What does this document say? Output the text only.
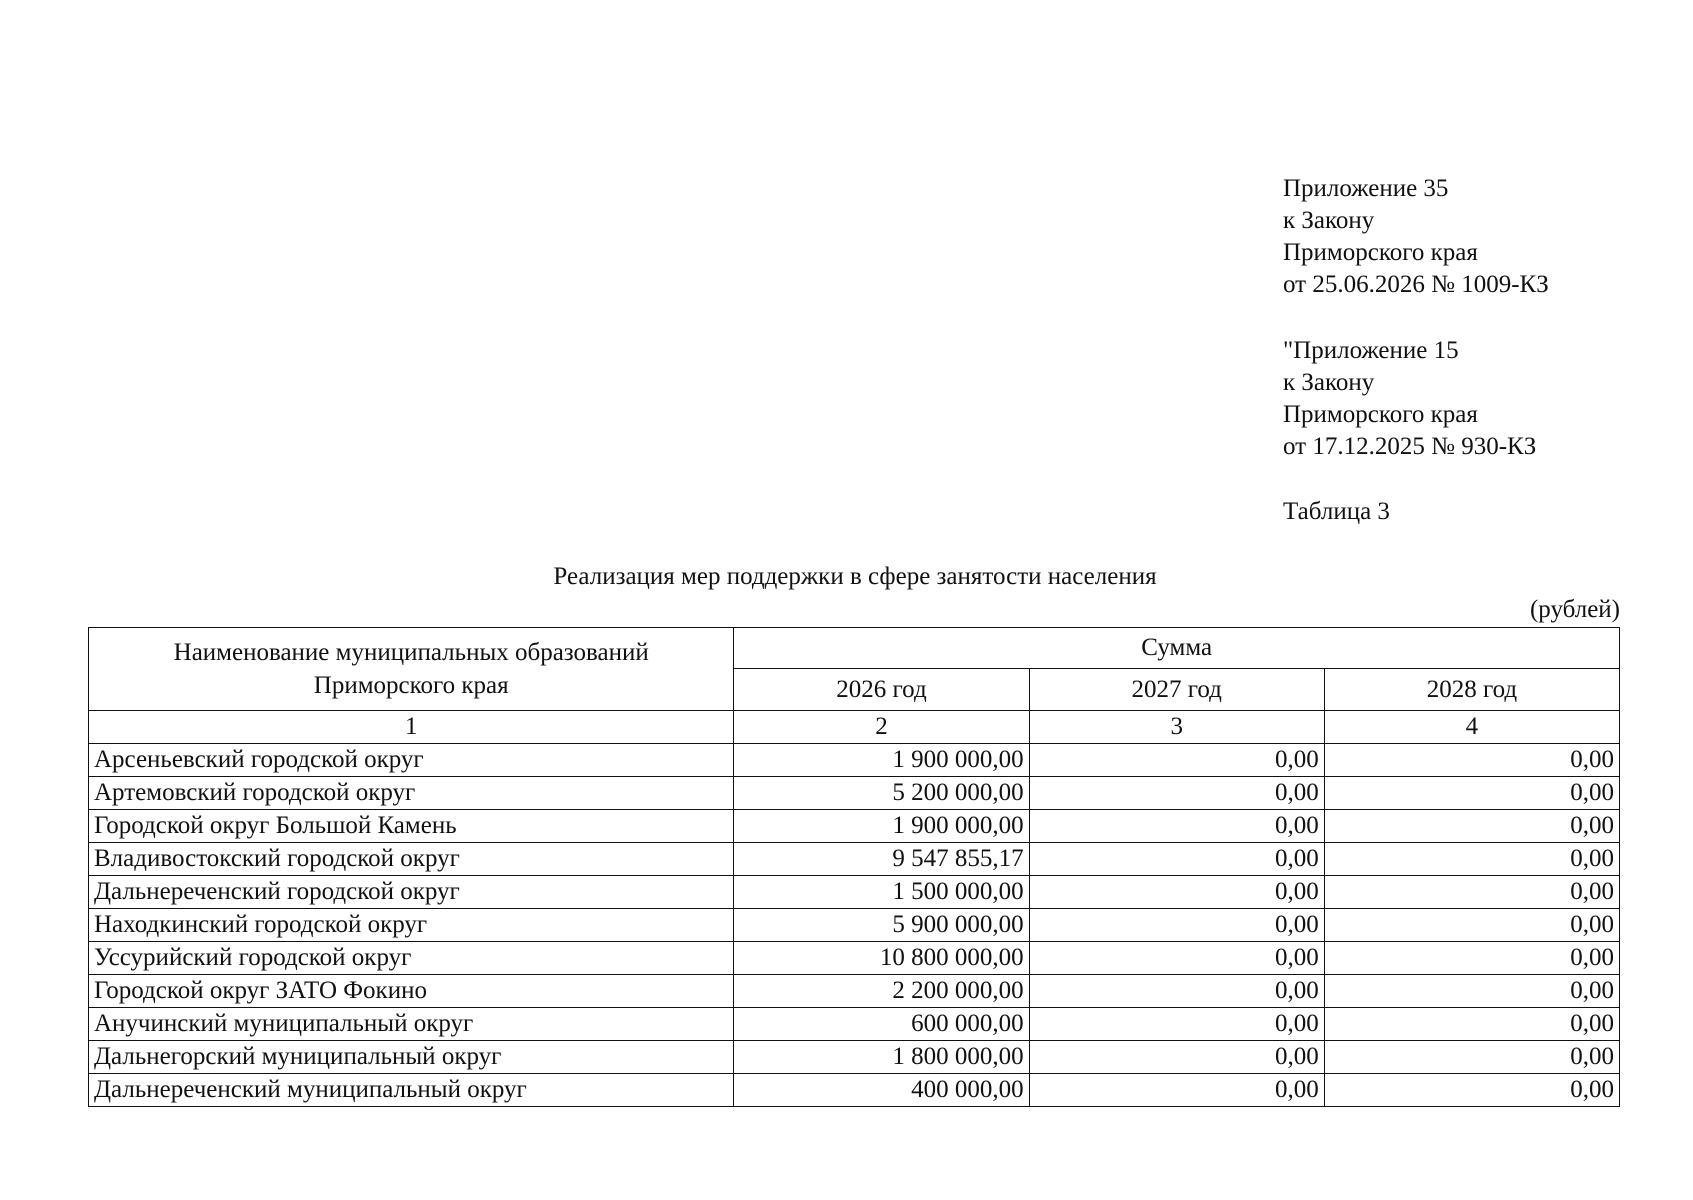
Приложение 35
к Закону
Приморского края
от 25.06.2026 № 1009-КЗ
"Приложение 15
к Закону
Приморского края
от 17.12.2025 № 930-КЗ
Таблица 3
Реализация мер поддержки в сфере занятости населения
(рублей)
Наименование муниципальных образований
Приморского края	Сумма		
	2026 год	2027 год	2028 год
1	2	3	4
Арсеньевский городской округ	1 900 000,00	0,00	0,00
Артемовский городской округ	5 200 000,00	0,00	0,00
Городской округ Большой Камень	1 900 000,00	0,00	0,00
Владивостокский городской округ	9 547 855,17	0,00	0,00
Дальнереченский городской округ	1 500 000,00	0,00	0,00
Находкинский городской округ	5 900 000,00	0,00	0,00
Уссурийский городской округ	10 800 000,00	0,00	0,00
Городской округ ЗАТО Фокино	2 200 000,00	0,00	0,00
Анучинский муниципальный округ	600 000,00	0,00	0,00
Дальнегорский муниципальный округ	1 800 000,00	0,00	0,00
Дальнереченский муниципальный округ	400 000,00	0,00	0,00
